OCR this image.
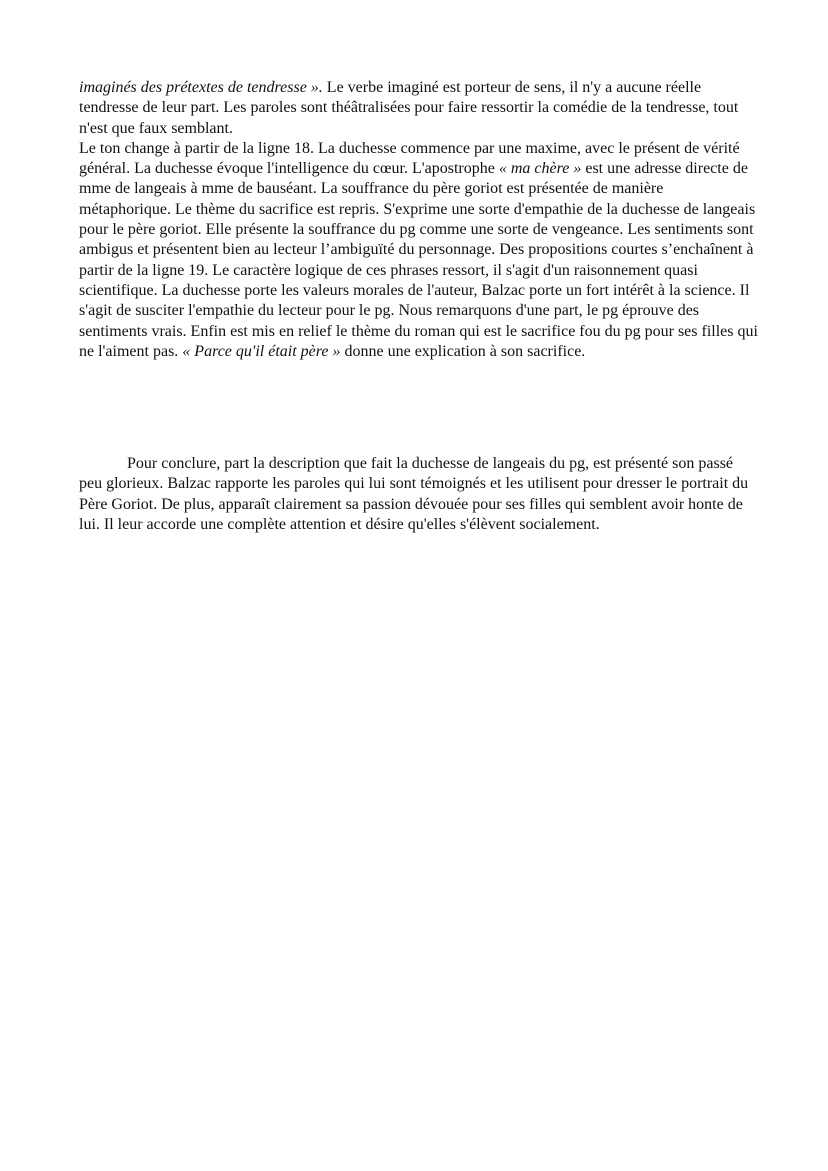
imaginés des prétextes de tendresse ». Le verbe imaginé est porteur de sens, il n'y a aucune réelle tendresse de leur part. Les paroles sont théâtralisées pour faire ressortir la comédie de la tendresse, tout n'est que faux semblant.

Le ton change à partir de la ligne 18. La duchesse commence par une maxime, avec le présent de vérité général. La duchesse évoque l'intelligence du cœur. L'apostrophe « ma chère » est une adresse directe de mme de langeais à mme de bauséant. La souffrance du père goriot est présentée de manière métaphorique. Le thème du sacrifice est repris. S'exprime une sorte d'empathie de la duchesse de langeais pour le père goriot. Elle présente la souffrance du pg comme une sorte de vengeance. Les sentiments sont ambigus et présentent bien au lecteur l’ambiguïté du personnage. Des propositions courtes s’enchaînent à partir de la ligne 19. Le caractère logique de ces phrases ressort, il s'agit d'un raisonnement quasi scientifique. La duchesse porte les valeurs morales de l'auteur, Balzac porte un fort intérêt à la science. Il s'agit de susciter l'empathie du lecteur pour le pg. Nous remarquons d'une part, le pg éprouve des sentiments vrais. Enfin est mis en relief le thème du roman qui est le sacrifice fou du pg pour ses filles qui ne l'aiment pas. « Parce qu'il était père » donne une explication à son sacrifice.

Pour conclure, part la description que fait la duchesse de langeais du pg, est présenté son passé peu glorieux. Balzac rapporte les paroles qui lui sont témoignés et les utilisent pour dresser le portrait du Père Goriot. De plus, apparaît clairement sa passion dévouée pour ses filles qui semblent avoir honte de lui. Il leur accorde une complète attention et désire qu'elles s'élèvent socialement.
